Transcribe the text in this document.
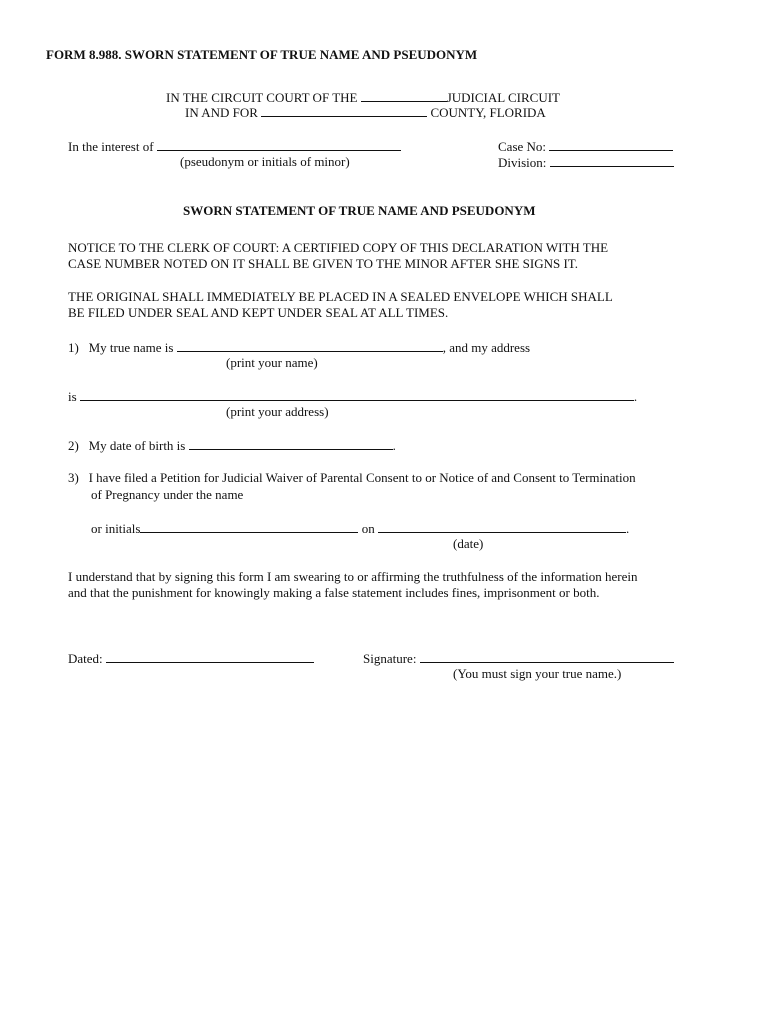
FORM 8.988. SWORN STATEMENT OF TRUE NAME AND PSEUDONYM
IN THE CIRCUIT COURT OF THE	JUDICIAL CIRCUIT
IN AND FOR	COUNTY, FLORIDA
In the interest of
(pseudonym or initials of minor)
Case No:
Division:
SWORN STATEMENT OF TRUE NAME AND PSEUDONYM
NOTICE TO THE CLERK OF COURT: A CERTIFIED COPY OF THIS DECLARATION WITH THE
CASE NUMBER NOTED ON IT SHALL BE GIVEN TO THE MINOR AFTER SHE SIGNS IT.
THE ORIGINAL SHALL IMMEDIATELY BE PLACED IN A SEALED ENVELOPE WHICH SHALL
BE FILED UNDER SEAL AND KEPT UNDER SEAL AT ALL TIMES.
1) My true name is	, and my address
(print your name)
is	.
(print your address)
2) My date of birth is	.
3) I have filed a Petition for Judicial Waiver of Parental Consent to or Notice of and Consent to Termination
of Pregnancy under the name
or initials	on	.
(date)
I understand that by signing this form I am swearing to or affirming the truthfulness of the information herein
and that the punishment for knowingly making a false statement includes fines, imprisonment or both.
Dated:	Signature:
(You must sign your true name.)
